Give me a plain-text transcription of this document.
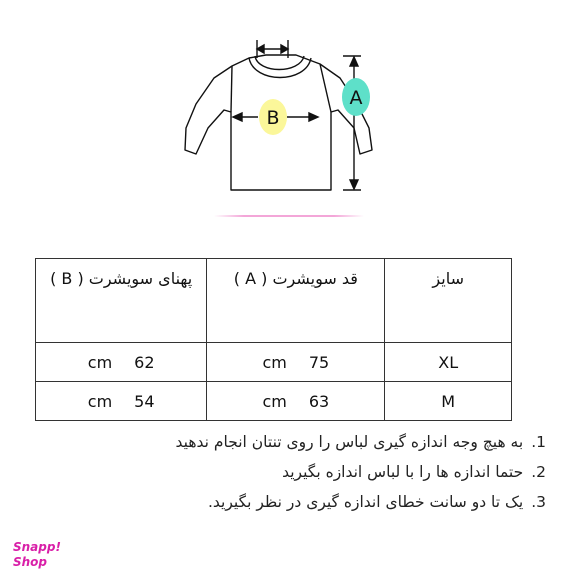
A
B
سایز	قد سویشرت ( A )	پهنای سویشرت ( B )
XL	75cm	62cm
M	63cm	54cm
1.به هیچ وجه اندازه گیری لباس را روی تنتان انجام ندهید
2.حتما اندازه ها را با لباس اندازه بگیرید
3.یک تا دو سانت خطای اندازه گیری در نظر بگیرید.
Snapp!
Shop
